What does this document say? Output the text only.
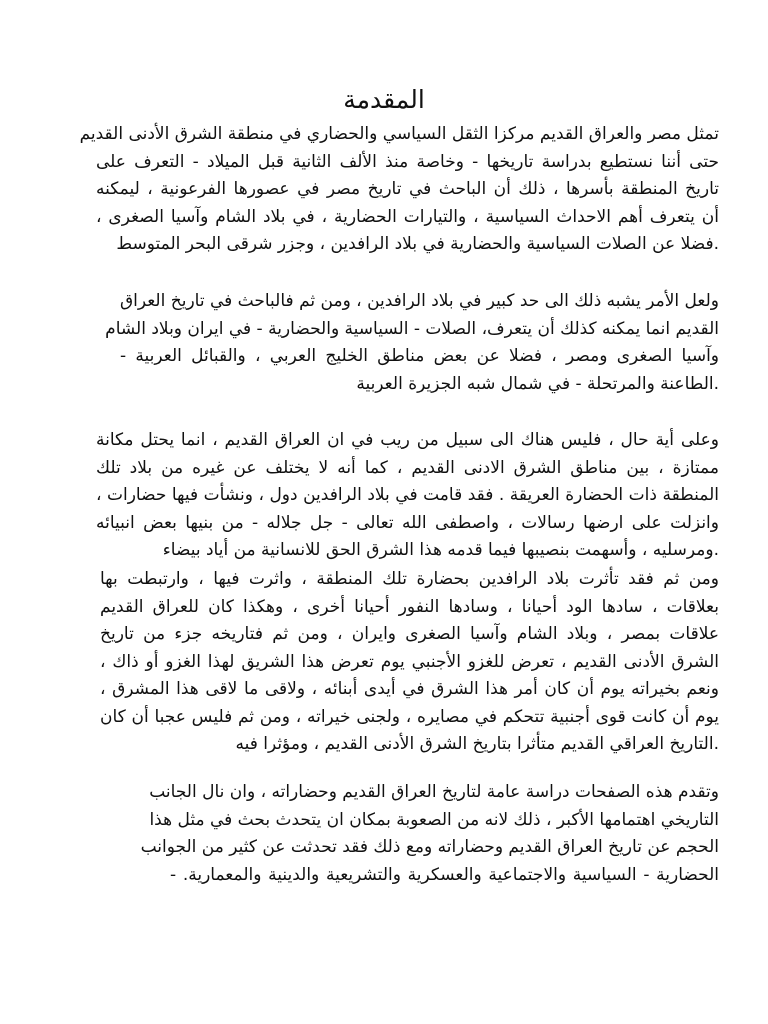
المقدمة
تمثل مصر والعراق القديم مركزا الثقل السياسي والحضاري في منطقة الشرق الأدنى القديم
حتى أننا نستطيع بدراسة تاريخها - وخاصة منذ الألف الثانية قبل الميلاد - التعرف على
تاريخ المنطقة بأسرها ، ذلك أن الباحث في تاريخ مصر في عصورها الفرعونية ، ليمكنه
أن يتعرف أهم الاحداث السياسية ، والتيارات الحضارية ، في بلاد الشام وآسيا الصغرى ،
.فضلا عن الصلات السياسية والحضارية في بلاد الرافدين ، وجزر شرقى البحر المتوسط
ولعل الأمر يشبه ذلك الى حد كبير في بلاد الرافدين ، ومن ثم فالباحث في تاريخ العراق
القديم انما يمكنه كذلك أن يتعرف، الصلات - السياسية والحضارية - في ايران وبلاد الشام
وآسيا الصغرى ومصر ، فضلا عن بعض مناطق الخليج العربي ، والقبائل العربية -
.الطاعنة والمرتحلة - في شمال شبه الجزيرة العربية
وعلى أية حال ، فليس هناك الى سبيل من ريب في ان العراق القديم ، انما يحتل مكانة
ممتازة ، بين مناطق الشرق الادنى القديم ، كما أنه لا يختلف عن غيره من بلاد تلك
المنطقة ذات الحضارة العريقة . فقد قامت في بلاد الرافدين دول ، ونشأت فيها حضارات ،
وانزلت على ارضها رسالات ، واصطفى الله تعالى - جل جلاله - من بنيها بعض انبيائه
.ومرسليه ، وأسهمت بنصيبها فيما قدمه هذا الشرق الحق للانسانية من أياد بيضاء
ومن ثم فقد تأثرت بلاد الرافدين بحضارة تلك المنطقة ، واثرت فيها ، وارتبطت بها
بعلاقات ، سادها الود أحيانا ، وسادها النفور أحيانا أخرى ، وهكذا كان للعراق القديم
علاقات بمصر ، وبلاد الشام وآسيا الصغرى وايران ، ومن ثم فتاريخه جزء من تاريخ
الشرق الأدنى القديم ، تعرض للغزو الأجنبي يوم تعرض هذا الشريق لهذا الغزو أو ذاك ،
ونعم بخيراته يوم أن كان أمر هذا الشرق في أيدى أبنائه ، ولاقى ما لاقى هذا المشرق ،
يوم أن كانت قوى أجنبية تتحكم في مصايره ، ولجنى خيراته ، ومن ثم فليس عجبا أن كان
.التاريخ العراقي القديم متأثرا بتاريخ الشرق الأدنى القديم ، ومؤثرا فيه
وتقدم هذه الصفحات دراسة عامة لتاريخ العراق القديم وحضاراته ، وان نال الجانب
التاريخي اهتمامها الأكبر ، ذلك لانه من الصعوبة بمكان ان يتحدث بحث في مثل هذا
الحجم عن تاريخ العراق القديم وحضاراته ومع ذلك فقد تحدثت عن كثير من الجوانب
الحضارية - السياسية والاجتماعية والعسكرية والتشريعية والدينية والمعمارية. -
